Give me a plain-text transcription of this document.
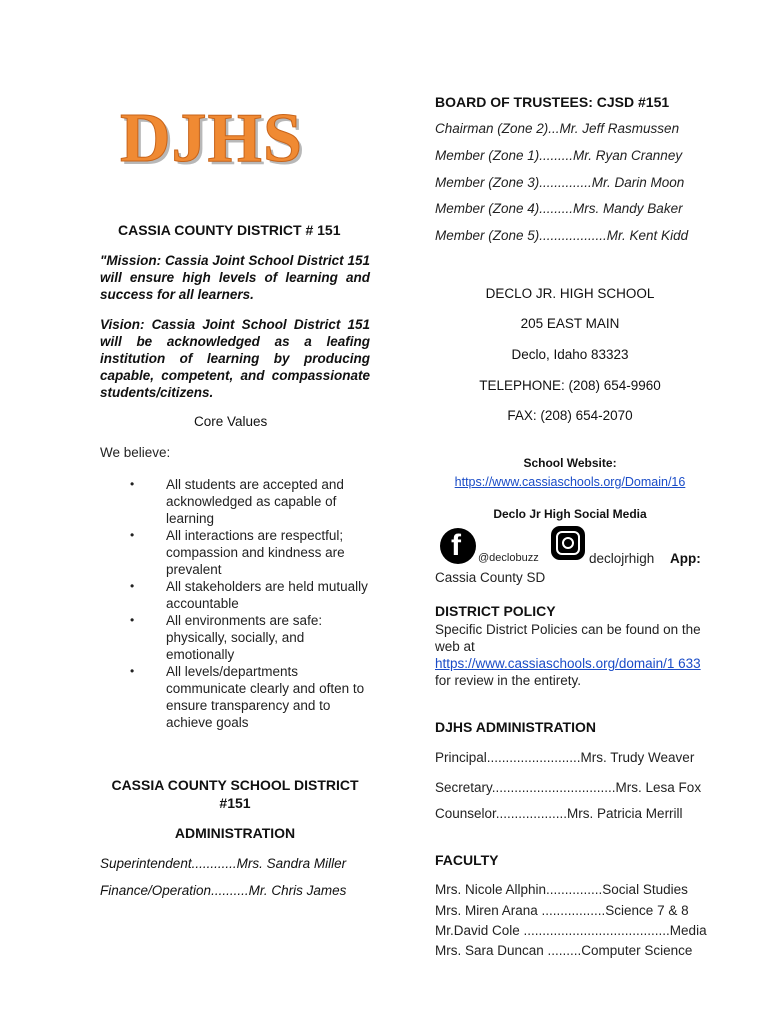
DJHS
CASSIA COUNTY DISTRICT # 151
"Mission: Cassia Joint School District 151 will ensure high levels of learning and success for all learners.
Vision: Cassia Joint School District 151 will be acknowledged as a leafing institution of learning by producing capable, competent, and compassionate students/citizens.
Core Values
We believe:
• All students are accepted and acknowledged as capable of learning
• All interactions are respectful; compassion and kindness are prevalent
• All stakeholders are held mutually accountable
• All environments are safe: physically, socially, and emotionally
• All levels/departments communicate clearly and often to ensure transparency and to achieve goals
CASSIA COUNTY SCHOOL DISTRICT
#151
ADMINISTRATION
Superintendent............Mrs. Sandra Miller
Finance/Operation..........Mr. Chris James
BOARD OF TRUSTEES: CJSD #151
Chairman (Zone 2)...Mr. Jeff Rasmussen
Member (Zone 1).........Mr. Ryan Cranney
Member (Zone 3)..............Mr. Darin Moon
Member (Zone 4).........Mrs. Mandy Baker
Member (Zone 5)..................Mr. Kent Kidd
DECLO JR. HIGH SCHOOL
205 EAST MAIN
Declo, Idaho 83323
TELEPHONE: (208) 654-9960
FAX: (208) 654-2070
School Website:
https://www.cassiaschools.org/Domain/16
Declo Jr High Social Media
f @declobuzz	declojrhigh App:
Cassia County SD
DISTRICT POLICY
Specific District Policies can be found on the web at
https://www.cassiaschools.org/domain/1 633 for review in the entirety.
DJHS ADMINISTRATION
Principal.........................Mrs. Trudy Weaver
Secretary.................................Mrs. Lesa Fox
Counselor...................Mrs. Patricia Merrill
FACULTY
Mrs. Nicole Allphin...............Social Studies
Mrs. Miren Arana .................Science 7 & 8
Mr.David Cole .......................................Media
Mrs. Sara Duncan .........Computer Science
